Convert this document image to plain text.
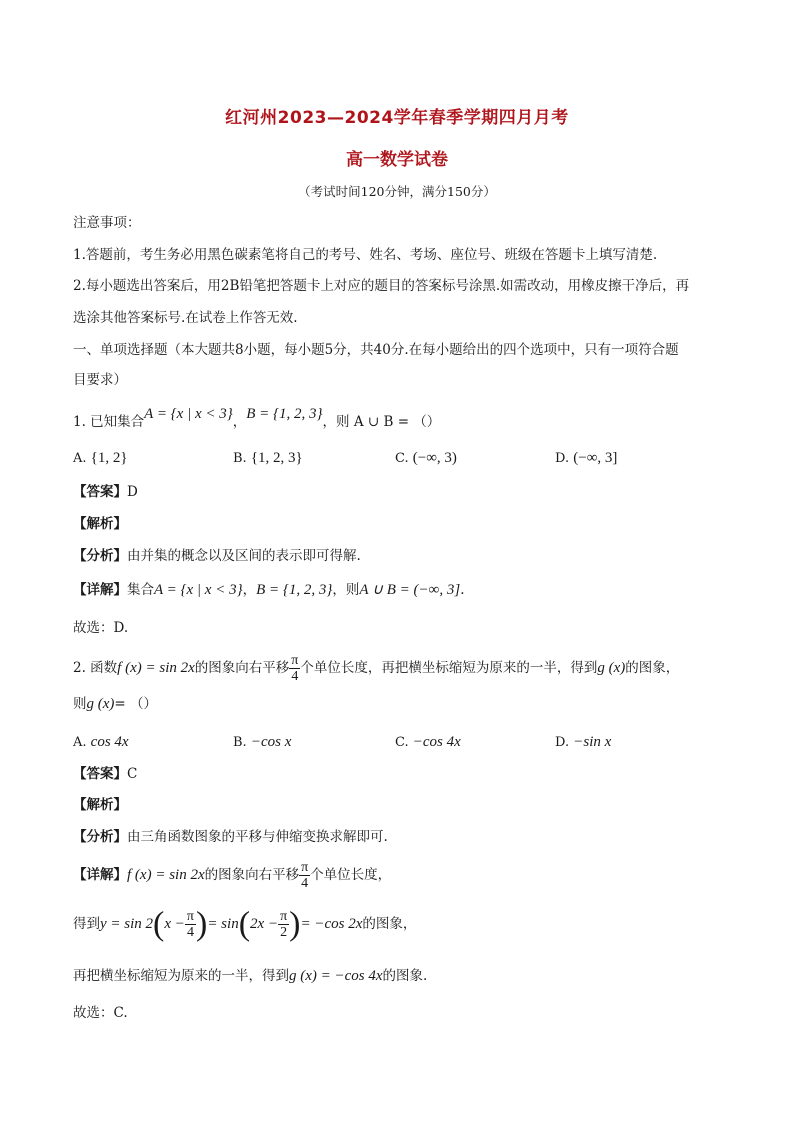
红河州2023—2024学年春季学期四月月考
高一数学试卷
（考试时间120分钟，满分150分）
注意事项：
1.答题前，考生务必用黑色碳素笔将自己的考号、姓名、考场、座位号、班级在答题卡上填写清楚.
2.每小题选出答案后，用2B铅笔把答题卡上对应的题目的答案标号涂黑.如需改动，用橡皮擦干净后，再
选涂其他答案标号.在试卷上作答无效.
一、单项选择题（本大题共8小题，每小题5分，共40分.在每小题给出的四个选项中，只有一项符合题
目要求）
1. 已知集合A = {x | x < 3}，B = {1, 2, 3}，则 A ∪ B = （）
A. {1, 2}	B. {1, 2, 3}	C. (−∞, 3)	D. (−∞, 3]
【答案】D
【解析】
【分析】由并集的概念以及区间的表示即可得解.
【详解】集合A = {x | x < 3}，B = {1, 2, 3}，则A ∪ B = (−∞, 3].
故选：D.
2. 函数f (x) = sin 2x的图象向右平移 $\frac{\pi}{4}$ 个单位长度，再把横坐标缩短为原来的一半，得到g (x)的图象，
则g (x)= （）
A. cos 4x	B. −cos x	C. −cos 4x	D. −sin x
【答案】C
【解析】
【分析】由三角函数图象的平移与伸缩变换求解即可.
【详解】f (x) = sin 2x的图象向右平移 $\frac{\pi}{4}$ 个单位长度，
得到$y = \sin 2(x - \frac{\pi}{4}$ )= $\sin(2x - \frac{\pi}{2}$ )= −cos 2x的图象，
再把横坐标缩短为原来的一半，得到g (x) = −cos 4x的图象.
故选：C.
